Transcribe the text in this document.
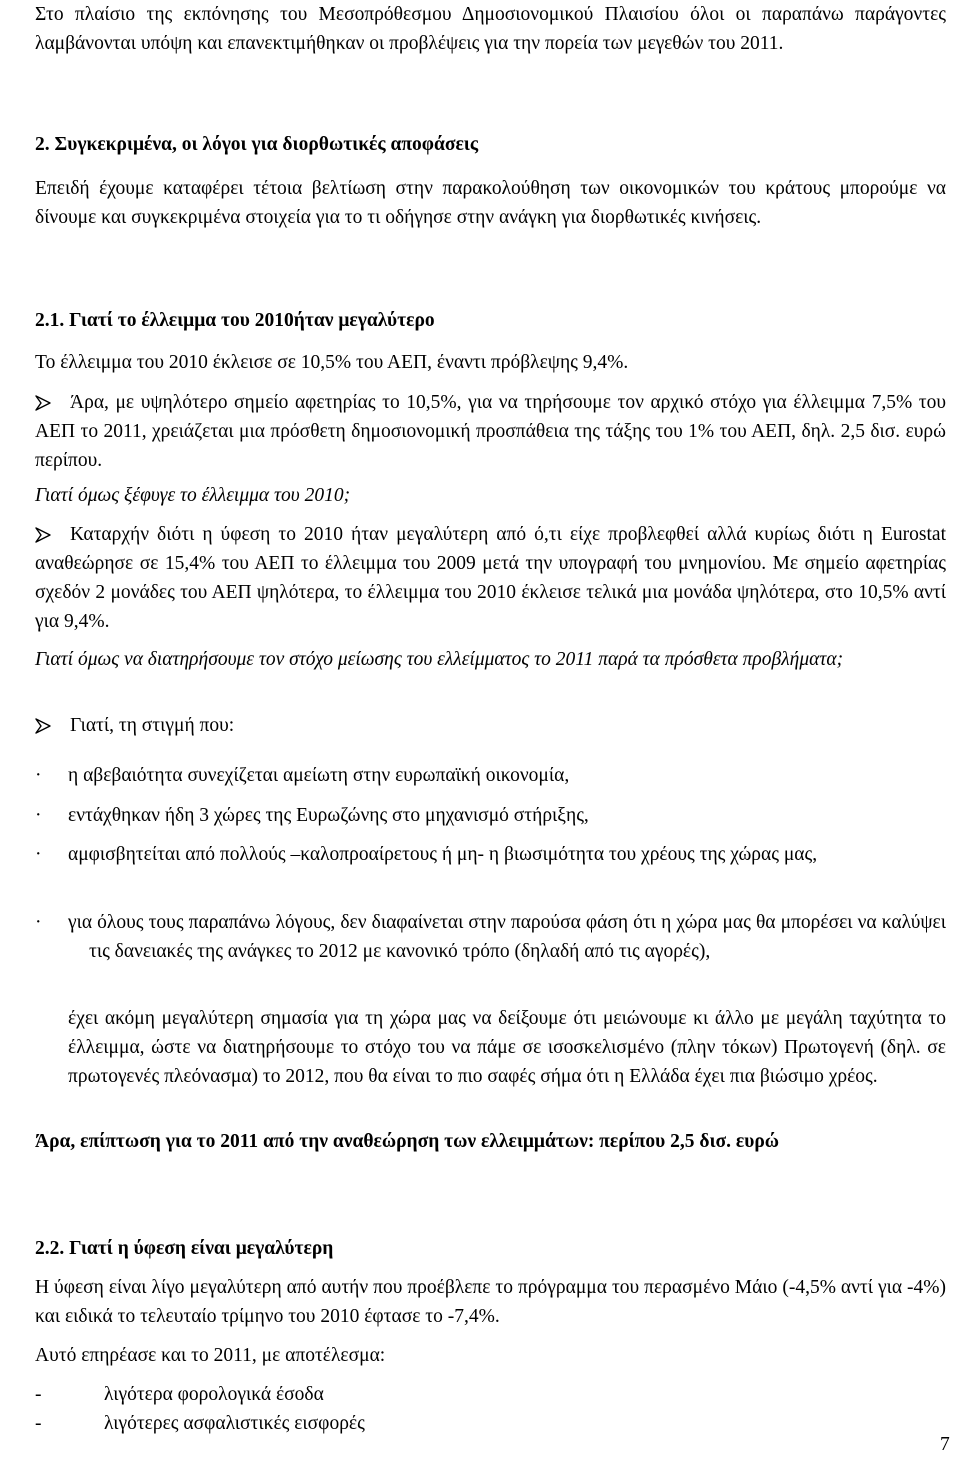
Στο πλαίσιο της εκπόνησης του Μεσοπρόθεσμου Δημοσιονομικού Πλαισίου όλοι οι παραπάνω παράγοντες λαμβάνονται υπόψη και επανεκτιμήθηκαν οι προβλέψεις για την πορεία των μεγεθών του 2011.

2. Συγκεκριμένα, οι λόγοι για διορθωτικές αποφάσεις

Επειδή έχουμε καταφέρει τέτοια βελτίωση στην παρακολούθηση των οικονομικών του κράτους μπορούμε να δίνουμε και συγκεκριμένα στοιχεία για το τι οδήγησε στην ανάγκη για διορθωτικές κινήσεις.

2.1. Γιατί το έλλειμμα του 2010ήταν μεγαλύτερο

Το έλλειμμα του 2010 έκλεισε σε 10,5% του ΑΕΠ, έναντι πρόβλεψης 9,4%.

Άρα, με υψηλότερο σημείο αφετηρίας το 10,5%, για να τηρήσουμε τον αρχικό στόχο για έλλειμμα 7,5% του ΑΕΠ το 2011, χρειάζεται μια πρόσθετη δημοσιονομική προσπάθεια της τάξης του 1% του ΑΕΠ, δηλ. 2,5 δισ. ευρώ περίπου.

Γιατί όμως ξέφυγε το έλλειμμα του 2010;

Καταρχήν διότι η ύφεση το 2010 ήταν μεγαλύτερη από ό,τι είχε προβλεφθεί αλλά κυρίως διότι η Eurostat αναθεώρησε σε 15,4% του ΑΕΠ το έλλειμμα του 2009 μετά την υπογραφή του μνημονίου. Με σημείο αφετηρίας σχεδόν 2 μονάδες του ΑΕΠ ψηλότερα, το έλλειμμα του 2010 έκλεισε τελικά μια μονάδα ψηλότερα, στο 10,5% αντί για 9,4%.

Γιατί όμως να διατηρήσουμε τον στόχο μείωσης του ελλείμματος το 2011 παρά τα πρόσθετα προβλήματα;

Γιατί, τη στιγμή που:

·	η αβεβαιότητα συνεχίζεται αμείωτη στην ευρωπαϊκή οικονομία,
·	εντάχθηκαν ήδη 3 χώρες της Ευρωζώνης στο μηχανισμό στήριξης,
·	αμφισβητείται από πολλούς –καλοπροαίρετους ή μη- η βιωσιμότητα του χρέους της χώρας μας,
·	για όλους τους παραπάνω λόγους, δεν διαφαίνεται στην παρούσα φάση ότι η χώρα μας θα μπορέσει να καλύψει τις δανειακές της ανάγκες το 2012 με κανονικό τρόπο (δηλαδή από τις αγορές),

έχει ακόμη μεγαλύτερη σημασία για τη χώρα μας να δείξουμε ότι μειώνουμε κι άλλο με μεγάλη ταχύτητα το έλλειμμα, ώστε να διατηρήσουμε το στόχο του να πάμε σε ισοσκελισμένο (πλην τόκων) Πρωτογενή (δηλ. σε πρωτογενές πλεόνασμα) το 2012, που θα είναι το πιο σαφές σήμα ότι η Ελλάδα έχει πια βιώσιμο χρέος.

Άρα, επίπτωση για το 2011 από την αναθεώρηση των ελλειμμάτων: περίπου 2,5 δισ. ευρώ

2.2. Γιατί η ύφεση είναι μεγαλύτερη

Η ύφεση είναι λίγο μεγαλύτερη από αυτήν που προέβλεπε το πρόγραμμα του περασμένο Μάιο (-4,5% αντί για -4%) και ειδικά το τελευταίο τρίμηνο του 2010 έφτασε το -7,4%.

Αυτό επηρέασε και το 2011, με αποτέλεσμα:

-	λιγότερα φορολογικά έσοδα
-	λιγότερες ασφαλιστικές εισφορές
7
